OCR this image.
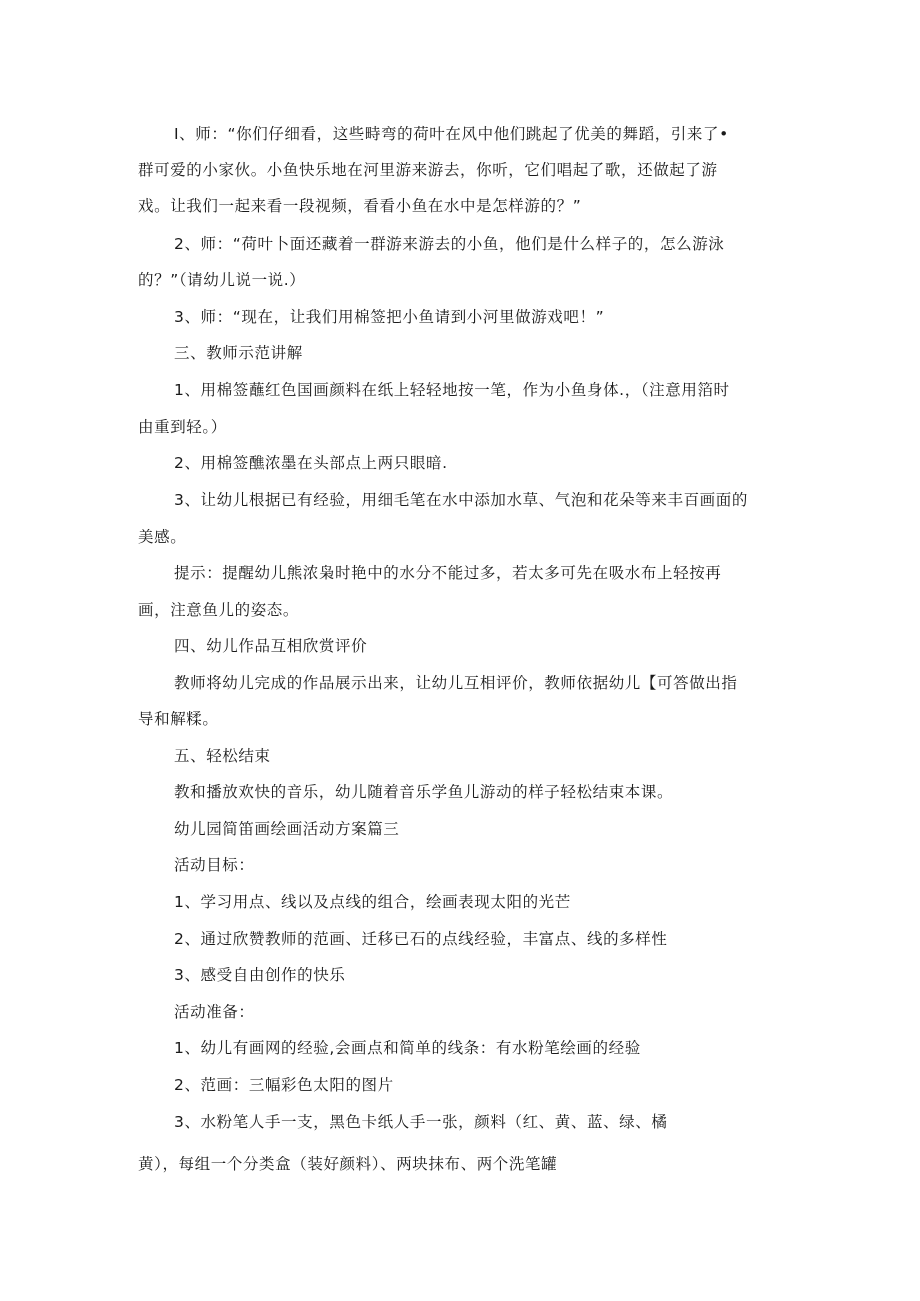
I、师：“你们仔细看，这些畤弯的荷叶在风中他们跳起了优美的舞蹈，引来了•
群可爱的小家伙。小鱼快乐地在河里游来游去，你听，它们唱起了歌，还做起了游
戏。让我们一起来看一段视频，看看小鱼在水中是怎样游的？”
2、师：“荷叶卜面还藏着一群游来游去的小鱼，他们是什么样子的，怎么游泳
的？”（请幼儿说一说.）
3、师：“现在，让我们用棉签把小鱼请到小河里做游戏吧！”
三、教师示范讲解
1、用棉签蘸红色国画颜料在纸上轻轻地按一笔，作为小鱼身体.，（注意用箔时
由重到轻。）
2、用棉签醮浓墨在头部点上两只眼暗.
3、让幼儿根据已有经验，用细毛笔在水中添加水草、气泡和花朵等来丰百画面的
美感。
提示：提醒幼儿熊浓枭时艳中的水分不能过多，若太多可先在吸水布上轻按再
画，注意鱼儿的姿态。
四、幼儿作品互相欣赏评价
教师将幼儿完成的作品展示出来，让幼儿互相评价，教师依据幼儿【可答做出指
导和解糅。
五、轻松结束
教和播放欢快的音乐，幼儿随着音乐学鱼儿游动的样子轻松结束本课。
幼儿园简笛画绘画活动方案篇三
活动目标：
1、学习用点、线以及点线的组合，绘画表现太阳的光芒
2、通过欣赞教师的范画、迁移已石的点线经验，丰富点、线的多样性
3、感受自由创作的快乐
活动准备：
1、幼儿有画网的经验,会画点和简单的线条：有水粉笔绘画的经验
2、范画：三幅彩色太阳的图片
3、水粉笔人手一支，黑色卡纸人手一张，颜料（红、黄、蓝、绿、橘
黄），每组一个分类盒（装好颜料）、两块抹布、两个洗笔罐
